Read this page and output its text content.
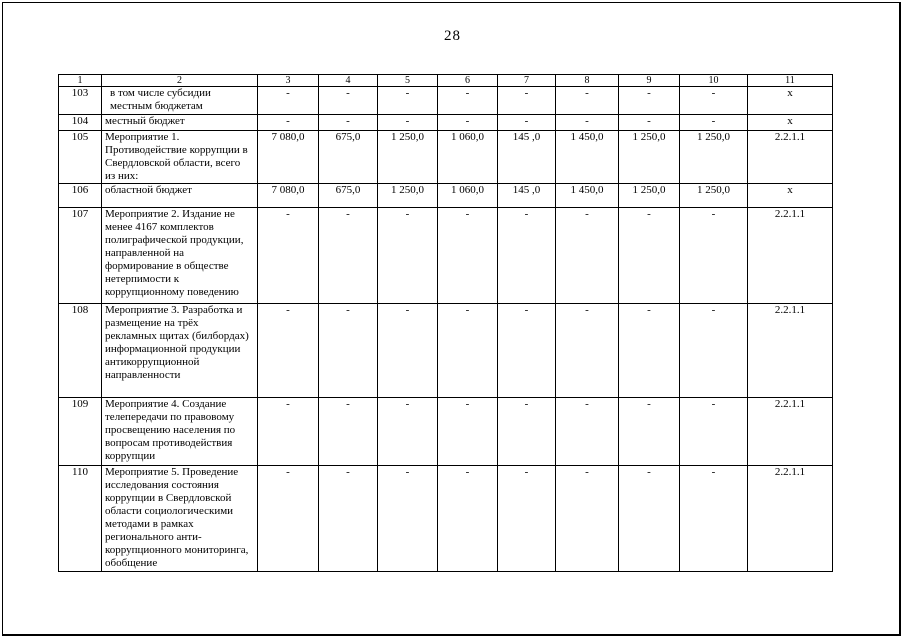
28
1	2	3	4	5	6	7	8	9	10	11
103	в том числе субсидии местным бюджетам	-	-	-	-	-	-	-	-	x
104	местный бюджет	-	-	-	-	-	-	-	-	x
105	Мероприятие 1. Противодействие коррупции в Свердловской области, всего из них:	7 080,0	675,0	1 250,0	1 060,0	145 ,0	1 450,0	1 250,0	1 250,0	2.2.1.1
106	областной бюджет	7 080,0	675,0	1 250,0	1 060,0	145 ,0	1 450,0	1 250,0	1 250,0	x
107	Мероприятие 2. Издание не менее 4167 комплектов полиграфической продукции, направленной на формирование в обществе нетерпимости к коррупционному поведению	-	-	-	-	-	-	-	-	2.2.1.1
108	Мероприятие 3. Разработка и размещение на трёх рекламных щитах (билбордах) информационной продукции антикоррупционной направленности	-	-	-	-	-	-	-	-	2.2.1.1
109	Мероприятие 4. Создание телепередачи по правовому просвещению населения по вопросам противодействия коррупции	-	-	-	-	-	-	-	-	2.2.1.1
110	Мероприятие 5. Проведение исследования состояния коррупции в Свердловской области социологическими методами в рамках регионального анти-коррупционного мониторинга, обобщение	-	-	-	-	-	-	-	-	2.2.1.1
